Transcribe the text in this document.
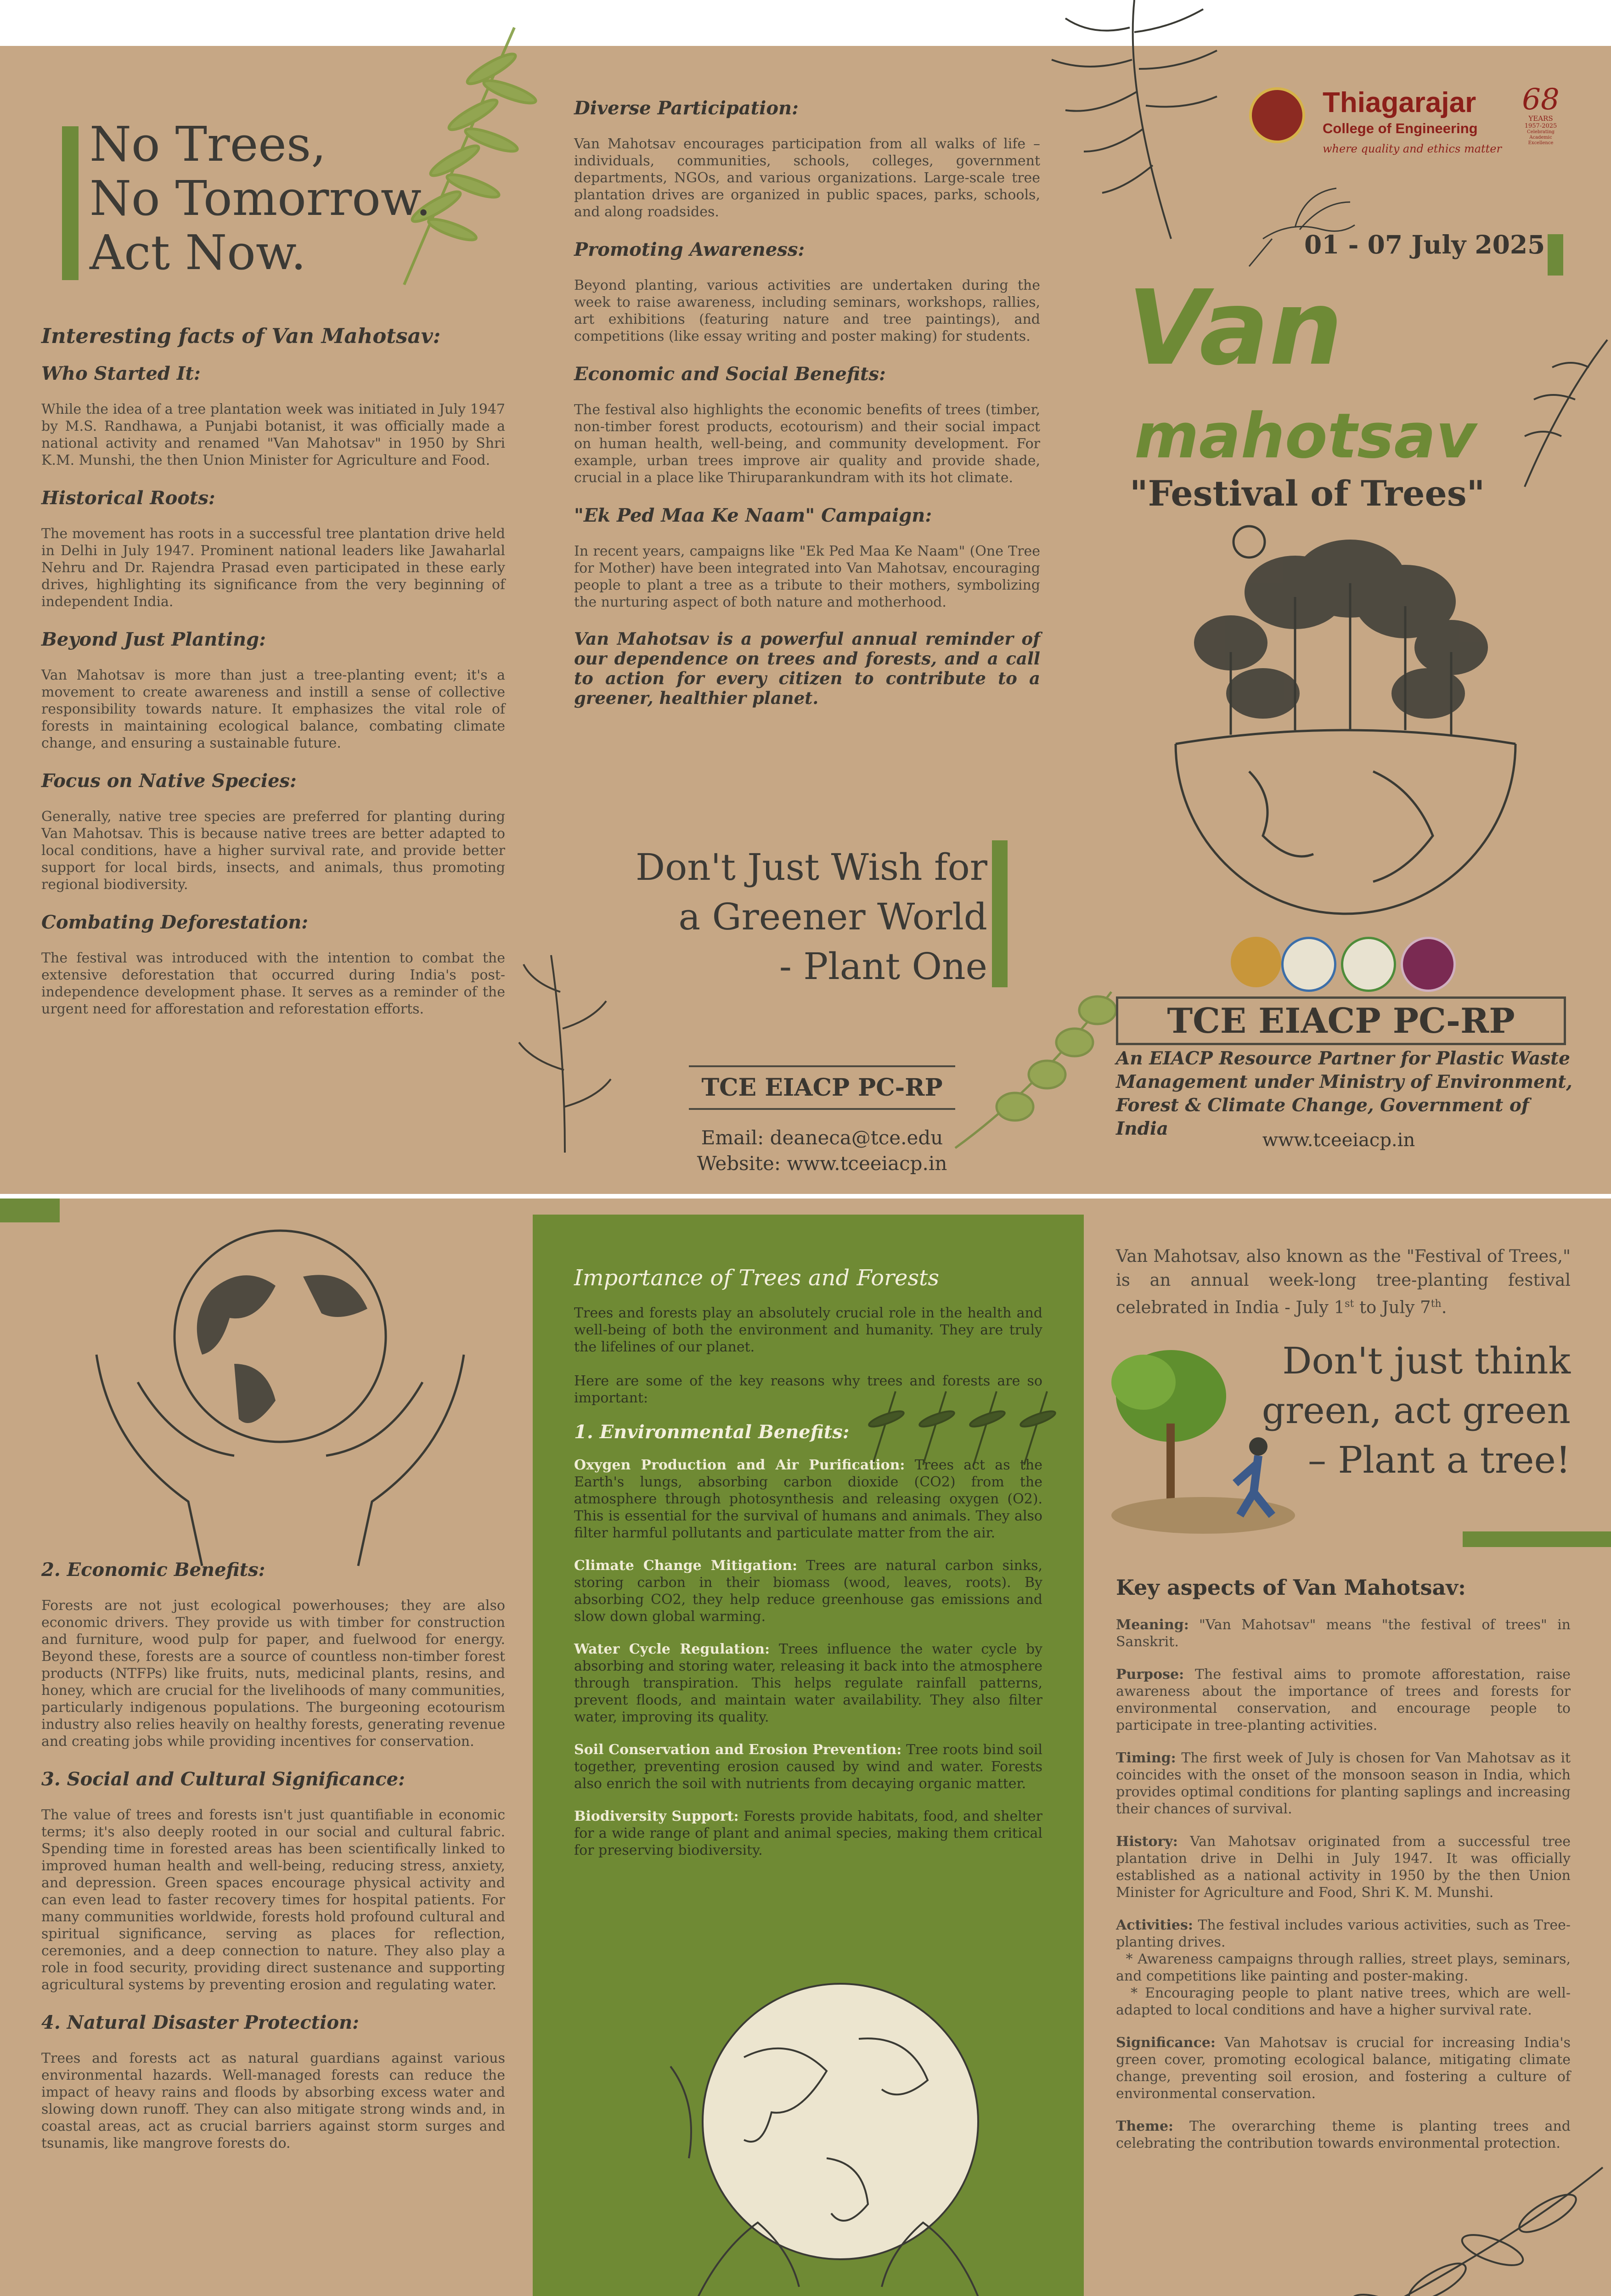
No Trees,
No Tomorrow.
Act Now.
Interesting facts of Van Mahotsav:
Who Started It:

While the idea of a tree plantation week was initiated in July 1947 by M.S. Randhawa, a Punjabi botanist, it was officially made a national activity and renamed "Van Mahotsav" in 1950 by Shri K.M. Munshi, the then Union Minister for Agriculture and Food.

Historical Roots:

The movement has roots in a successful tree plantation drive held in Delhi in July 1947. Prominent national leaders like Jawaharlal Nehru and Dr. Rajendra Prasad even participated in these early drives, highlighting its significance from the very beginning of independent India.

Beyond Just Planting:

Van Mahotsav is more than just a tree-planting event; it's a movement to create awareness and instill a sense of collective responsibility towards nature. It emphasizes the vital role of forests in maintaining ecological balance, combating climate change, and ensuring a sustainable future.

Focus on Native Species:

Generally, native tree species are preferred for planting during Van Mahotsav. This is because native trees are better adapted to local conditions, have a higher survival rate, and provide better support for local birds, insects, and animals, thus promoting regional biodiversity.

Combating Deforestation:

The festival was introduced with the intention to combat the extensive deforestation that occurred during India's post-independence development phase. It serves as a reminder of the urgent need for afforestation and reforestation efforts.

Diverse Participation:

Van Mahotsav encourages participation from all walks of life – individuals, communities, schools, colleges, government departments, NGOs, and various organizations. Large-scale tree plantation drives are organized in public spaces, parks, schools, and along roadsides.

Promoting Awareness:

Beyond planting, various activities are undertaken during the week to raise awareness, including seminars, workshops, rallies, art exhibitions (featuring nature and tree paintings), and competitions (like essay writing and poster making) for students.

Economic and Social Benefits:

The festival also highlights the economic benefits of trees (timber, non-timber forest products, ecotourism) and their social impact on human health, well-being, and community development. For example, urban trees improve air quality and provide shade, crucial in a place like Thiruparankundram with its hot climate.

"Ek Ped Maa Ke Naam" Campaign:

In recent years, campaigns like "Ek Ped Maa Ke Naam" (One Tree for Mother) have been integrated into Van Mahotsav, encouraging people to plant a tree as a tribute to their mothers, symbolizing the nurturing aspect of both nature and motherhood.

Van Mahotsav is a powerful annual reminder of our dependence on trees and forests, and a call to action for every citizen to contribute to a greener, healthier planet.
Don't Just Wish for
a Greener World
- Plant One
TCE EIACP PC-RP
Email: deaneca@tce.edu
Website: www.tceeiacp.in
Thiagarajar
College of Engineering
where quality and ethics matter
68
YEARS
1957-2025
Celebrating Academic Excellence
01 - 07 July 2025
Van
mahotsav
"Festival of Trees"
TCE EIACP PC-RP
An EIACP Resource Partner for Plastic Waste
Management under Ministry of Environment,
Forest & Climate Change, Government of India
www.tceeiacp.in
2. Economic Benefits:

Forests are not just ecological powerhouses; they are also economic drivers. They provide us with timber for construction and furniture, wood pulp for paper, and fuelwood for energy. Beyond these, forests are a source of countless non-timber forest products (NTFPs) like fruits, nuts, medicinal plants, resins, and honey, which are crucial for the livelihoods of many communities, particularly indigenous populations. The burgeoning ecotourism industry also relies heavily on healthy forests, generating revenue and creating jobs while providing incentives for conservation.

3. Social and Cultural Significance:

The value of trees and forests isn't just quantifiable in economic terms; it's also deeply rooted in our social and cultural fabric. Spending time in forested areas has been scientifically linked to improved human health and well-being, reducing stress, anxiety, and depression. Green spaces encourage physical activity and can even lead to faster recovery times for hospital patients. For many communities worldwide, forests hold profound cultural and spiritual significance, serving as places for reflection, ceremonies, and a deep connection to nature. They also play a role in food security, providing direct sustenance and supporting agricultural systems by preventing erosion and regulating water.

4. Natural Disaster Protection:

Trees and forests act as natural guardians against various environmental hazards. Well-managed forests can reduce the impact of heavy rains and floods by absorbing excess water and slowing down runoff. They can also mitigate strong winds and, in coastal areas, act as crucial barriers against storm surges and tsunamis, like mangrove forests do.

Importance of Trees and Forests
Trees and forests play an absolutely crucial role in the health and well-being of both the environment and humanity. They are truly the lifelines of our planet.
Here are some of the key reasons why trees and forests are so important:
1. Environmental Benefits:
Oxygen Production and Air Purification: Trees act as the Earth's lungs, absorbing carbon dioxide (CO2) from the atmosphere through photosynthesis and releasing oxygen (O2). This is essential for the survival of humans and animals. They also filter harmful pollutants and particulate matter from the air.
Climate Change Mitigation: Trees are natural carbon sinks, storing carbon in their biomass (wood, leaves, roots). By absorbing CO2, they help reduce greenhouse gas emissions and slow down global warming.
Water Cycle Regulation: Trees influence the water cycle by absorbing and storing water, releasing it back into the atmosphere through transpiration. This helps regulate rainfall patterns, prevent floods, and maintain water availability. They also filter water, improving its quality.
Soil Conservation and Erosion Prevention: Tree roots bind soil together, preventing erosion caused by wind and water. Forests also enrich the soil with nutrients from decaying organic matter.
Biodiversity Support: Forests provide habitats, food, and shelter for a wide range of plant and animal species, making them critical for preserving biodiversity.
Van Mahotsav, also known as the "Festival of Trees," is an annual week-long tree-planting festival celebrated in India - July 1st to July 7th.
Don't just think
green, act green
– Plant a tree!
Key aspects of Van Mahotsav:
Meaning: "Van Mahotsav" means "the festival of trees" in Sanskrit.
Purpose: The festival aims to promote afforestation, raise awareness about the importance of trees and forests for environmental conservation, and encourage people to participate in tree-planting activities.
Timing: The first week of July is chosen for Van Mahotsav as it coincides with the onset of the monsoon season in India, which provides optimal conditions for planting saplings and increasing their chances of survival.
History: Van Mahotsav originated from a successful tree plantation drive in Delhi in July 1947. It was officially established as a national activity in 1950 by the then Union Minister for Agriculture and Food, Shri K. M. Munshi.
Activities: The festival includes various activities, such as Tree-planting drives.
* Awareness campaigns through rallies, street plays, seminars, and competitions like painting and poster-making.
* Encouraging people to plant native trees, which are well-adapted to local conditions and have a higher survival rate.
Significance: Van Mahotsav is crucial for increasing India's green cover, promoting ecological balance, mitigating climate change, preventing soil erosion, and fostering a culture of environmental conservation.
Theme: The overarching theme is planting trees and celebrating the contribution towards environmental protection.
